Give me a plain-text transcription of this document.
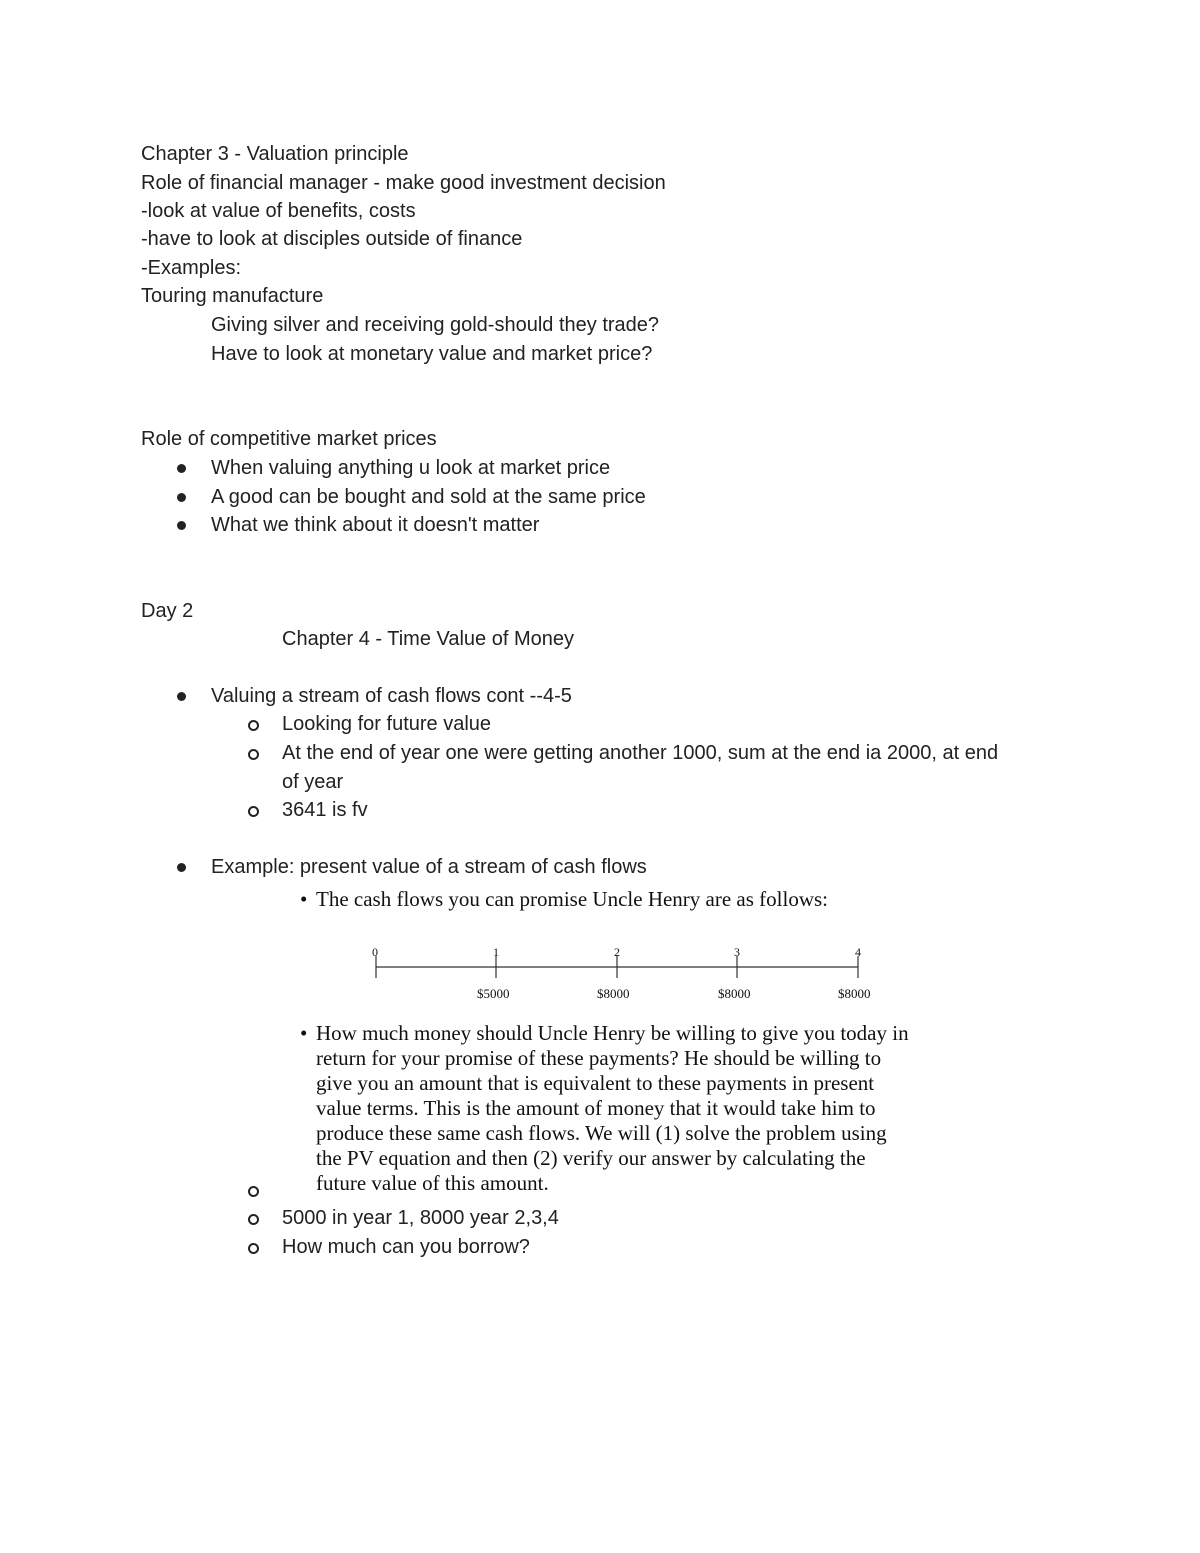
Chapter 3 - Valuation principle
Role of financial manager - make good investment decision
-look at value of benefits, costs
-have to look at disciples outside of finance
-Examples:
Touring manufacture
Giving silver and receiving gold-should they trade?
Have to look at monetary value and market price?
Role of competitive market prices
When valuing anything u look at market price
A good can be bought and sold at the same price
What we think about it doesn't matter
Day 2
Chapter 4 - Time Value of Money
Valuing a stream of cash flows cont --4-5
Looking for future value
At the end of year one were getting another 1000, sum at the end ia 2000, at end
of year
3641 is fv
Example: present value of a stream of cash flows
• The cash flows you can promise Uncle Henry are as follows:
0	1	2	3	4
$5000	$8000	$8000	$8000
• How much money should Uncle Henry be willing to give you today in
return for your promise of these payments? He should be willing to
give you an amount that is equivalent to these payments in present
value terms. This is the amount of money that it would take him to
produce these same cash flows. We will (1) solve the problem using
the PV equation and then (2) verify our answer by calculating the
future value of this amount.
5000 in year 1, 8000 year 2,3,4
How much can you borrow?
